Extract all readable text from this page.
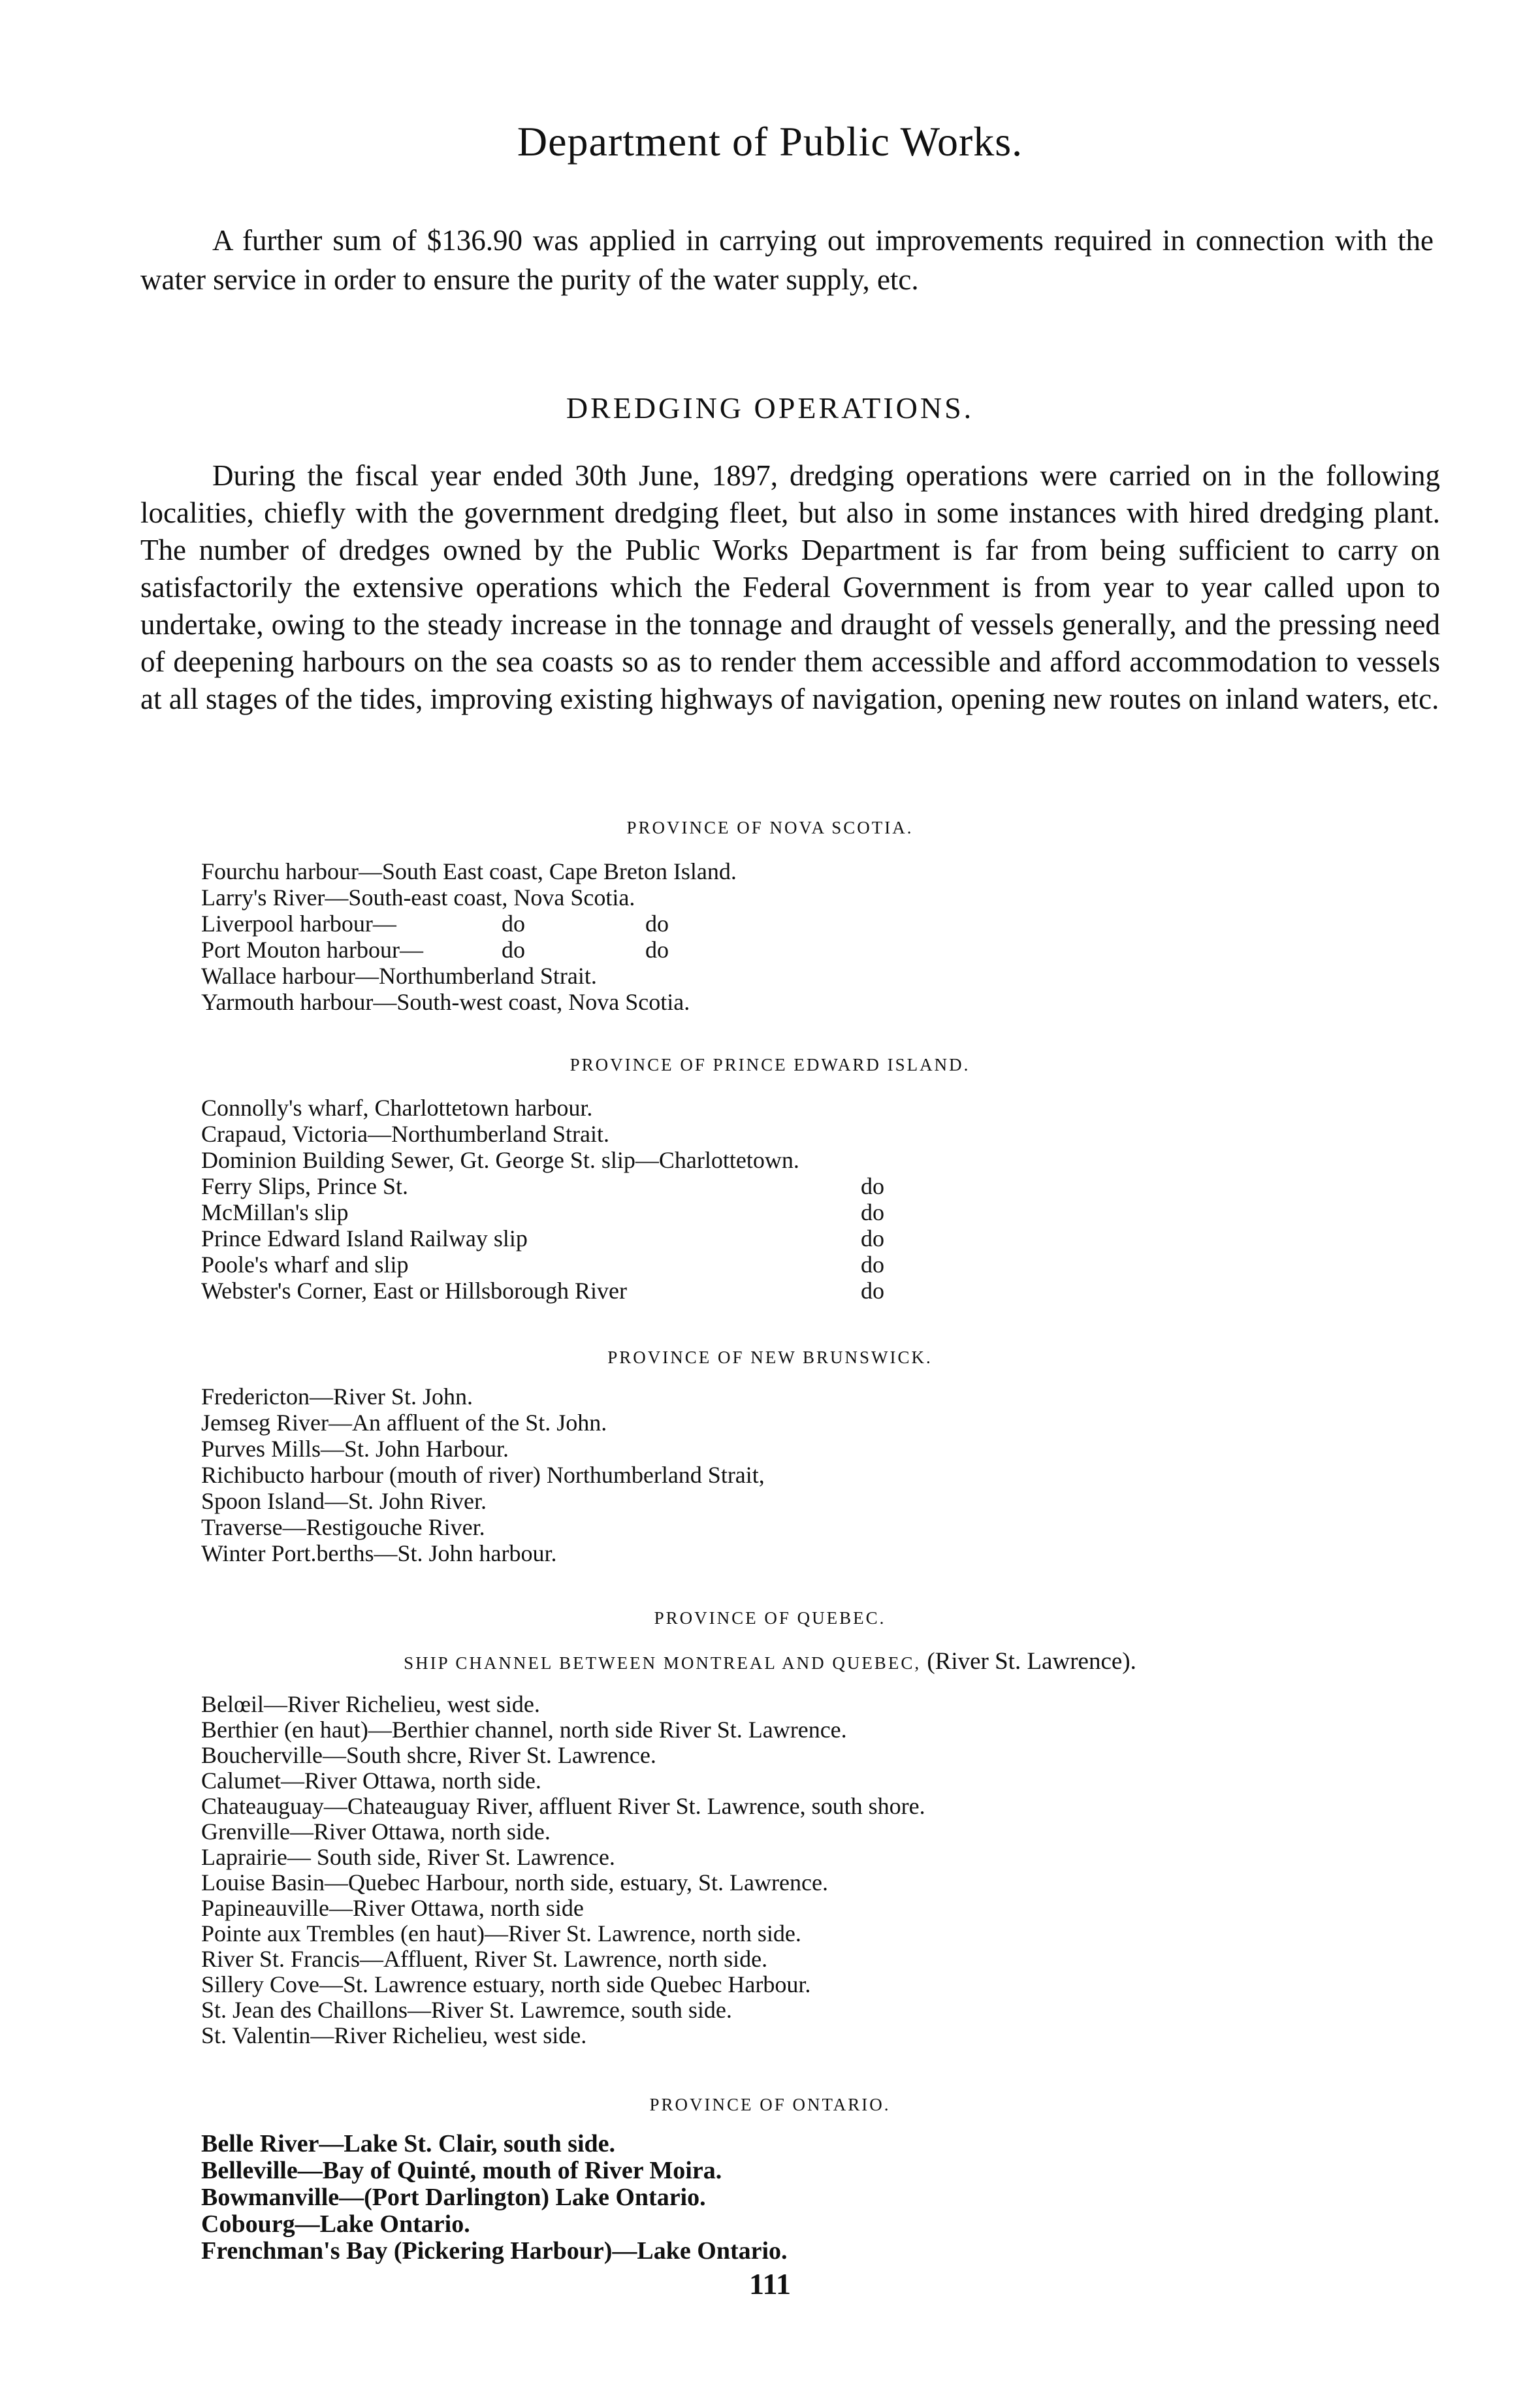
Department of Public Works.

A further sum of $136.90 was applied in carrying out improvements required in connection with the water service in order to ensure the purity of the water supply, etc.

DREDGING OPERATIONS.

During the fiscal year ended 30th June, 1897, dredging operations were carried on in the following localities, chiefly with the government dredging fleet, but also in some instances with hired dredging plant. The number of dredges owned by the Public Works Department is far from being sufficient to carry on satisfactorily the extensive operations which the Federal Government is from year to year called upon to undertake, owing to the steady increase in the tonnage and draught of vessels generally, and the pressing need of deepening harbours on the sea coasts so as to render them accessible and afford accommodation to vessels at all stages of the tides, improving existing highways of navigation, opening new routes on inland waters, etc.

PROVINCE OF NOVA SCOTIA.
Fourchu harbour—South East coast, Cape Breton Island.
Larry's River—South-east coast, Nova Scotia.
Liverpool harbour—	do	do
Port Mouton harbour—	do	do
Wallace harbour—Northumberland Strait.
Yarmouth harbour—South-west coast, Nova Scotia.
PROVINCE OF PRINCE EDWARD ISLAND.
Connolly's wharf, Charlottetown harbour.
Crapaud, Victoria—Northumberland Strait.
Dominion Building Sewer, Gt. George St. slip—Charlottetown.
Ferry Slips, Prince St.	do
McMillan's slip	do
Prince Edward Island Railway slip	do
Poole's wharf and slip	do
Webster's Corner, East or Hillsborough River	do
PROVINCE OF NEW BRUNSWICK.
Fredericton—River St. John.
Jemseg River—An affluent of the St. John.
Purves Mills—St. John Harbour.
Richibucto harbour (mouth of river) Northumberland Strait,
Spoon Island—St. John River.
Traverse—Restigouche River.
Winter Port.berths—St. John harbour.
PROVINCE OF QUEBEC.
SHIP CHANNEL BETWEEN MONTREAL AND QUEBEC, (River St. Lawrence).
Belœil—River Richelieu, west side.
Berthier (en haut)—Berthier channel, north side River St. Lawrence.
Boucherville—South shcre, River St. Lawrence.
Calumet—River Ottawa, north side.
Chateauguay—Chateauguay River, affluent River St. Lawrence, south shore.
Grenville—River Ottawa, north side.
Laprairie— South side, River St. Lawrence.
Louise Basin—Quebec Harbour, north side, estuary, St. Lawrence.
Papineauville—River Ottawa, north side
Pointe aux Trembles (en haut)—River St. Lawrence, north side.
River St. Francis—Affluent, River St. Lawrence, north side.
Sillery Cove—St. Lawrence estuary, north side Quebec Harbour.
St. Jean des Chaillons—River St. Lawremce, south side.
St. Valentin—River Richelieu, west side.
PROVINCE OF ONTARIO.
Belle River—Lake St. Clair, south side.
Belleville—Bay of Quinté, mouth of River Moira.
Bowmanville—(Port Darlington) Lake Ontario.
Cobourg—Lake Ontario.
Frenchman's Bay (Pickering Harbour)—Lake Ontario.
111
